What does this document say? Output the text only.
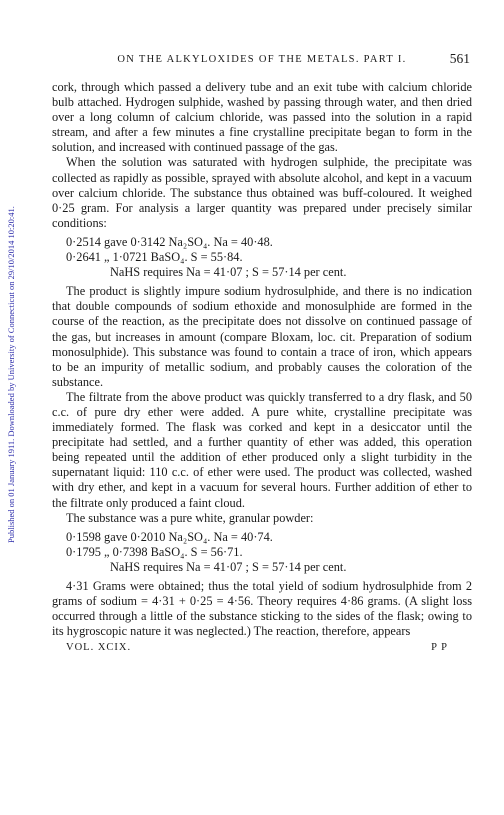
Published on 01 January 1911. Downloaded by University of Connecticut on 29/10/2014 10:20:41.
ON THE ALKYLOXIDES OF THE METALS. PART I.	561

cork, through which passed a delivery tube and an exit tube with calcium chloride bulb attached. Hydrogen sulphide, washed by passing through water, and then dried over a long column of calcium chloride, was passed into the solution in a rapid stream, and after a few minutes a fine crystalline precipitate began to form in the solution, and increased with continued passage of the gas.

When the solution was saturated with hydrogen sulphide, the precipitate was collected as rapidly as possible, sprayed with absolute alcohol, and kept in a vacuum over calcium chloride. The substance thus obtained was buff-coloured. It weighed 0·25 gram. For analysis a larger quantity was prepared under precisely similar conditions:

0·2514 gave 0·3142 Na₂SO₄. Na = 40·48.
0·2641 „ 1·0721 BaSO₄. S = 55·84.
NaHS requires Na = 41·07 ; S = 57·14 per cent.

The product is slightly impure sodium hydrosulphide, and there is no indication that double compounds of sodium ethoxide and monosulphide are formed in the course of the reaction, as the precipitate does not dissolve on continued passage of the gas, but increases in amount (compare Bloxam, loc. cit. Preparation of sodium monosulphide). This substance was found to contain a trace of iron, which appears to be an impurity of metallic sodium, and probably causes the coloration of the substance.

The filtrate from the above product was quickly transferred to a dry flask, and 50 c.c. of pure dry ether were added. A pure white, crystalline precipitate was immediately formed. The flask was corked and kept in a desiccator until the precipitate had settled, and a further quantity of ether was added, this operation being repeated until the addition of ether produced only a slight turbidity in the supernatant liquid: 110 c.c. of ether were used. The product was collected, washed with dry ether, and kept in a vacuum for several hours. Further addition of ether to the filtrate only produced a faint cloud.

The substance was a pure white, granular powder:

0·1598 gave 0·2010 Na₂SO₄. Na = 40·74.
0·1795 „ 0·7398 BaSO₄. S = 56·71.
NaHS requires Na = 41·07 ; S = 57·14 per cent.

4·31 Grams were obtained; thus the total yield of sodium hydrosulphide from 2 grams of sodium = 4·31 + 0·25 = 4·56. Theory requires 4·86 grams. (A slight loss occurred through a little of the substance sticking to the sides of the flask; owing to its hygroscopic nature it was neglected.) The reaction, therefore, appears

VOL. XCIX.	P P
